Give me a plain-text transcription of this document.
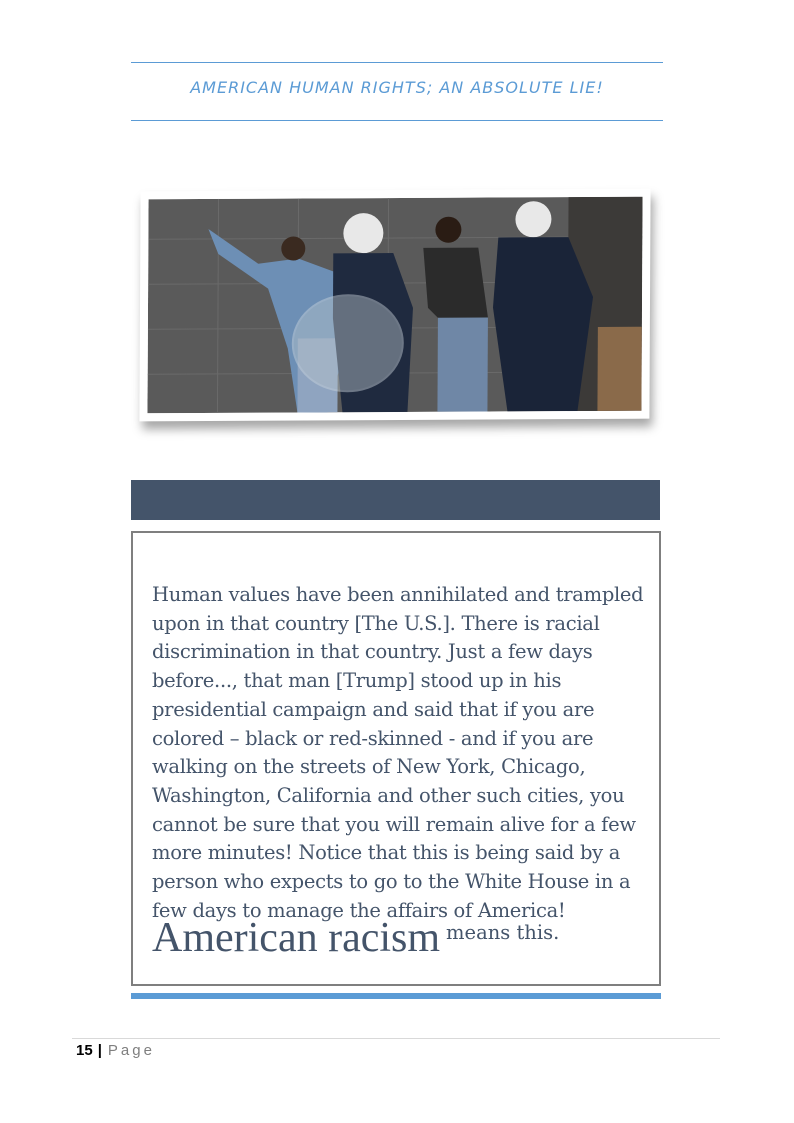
AMERICAN HUMAN RIGHTS; AN ABSOLUTE LIE!
Human values have been annihilated and trampled upon in that country [The U.S.]. There is racial discrimination in that country. Just a few days before..., that man [Trump] stood up in his presidential campaign and said that if you are colored – black or red-skinned - and if you are walking on the streets of New York, Chicago, Washington, California and other such cities, you cannot be sure that you will remain alive for a few more minutes! Notice that this is being said by a person who expects to go to the White House in a few days to manage the affairs of America!
American racism means this.
15 | Page
